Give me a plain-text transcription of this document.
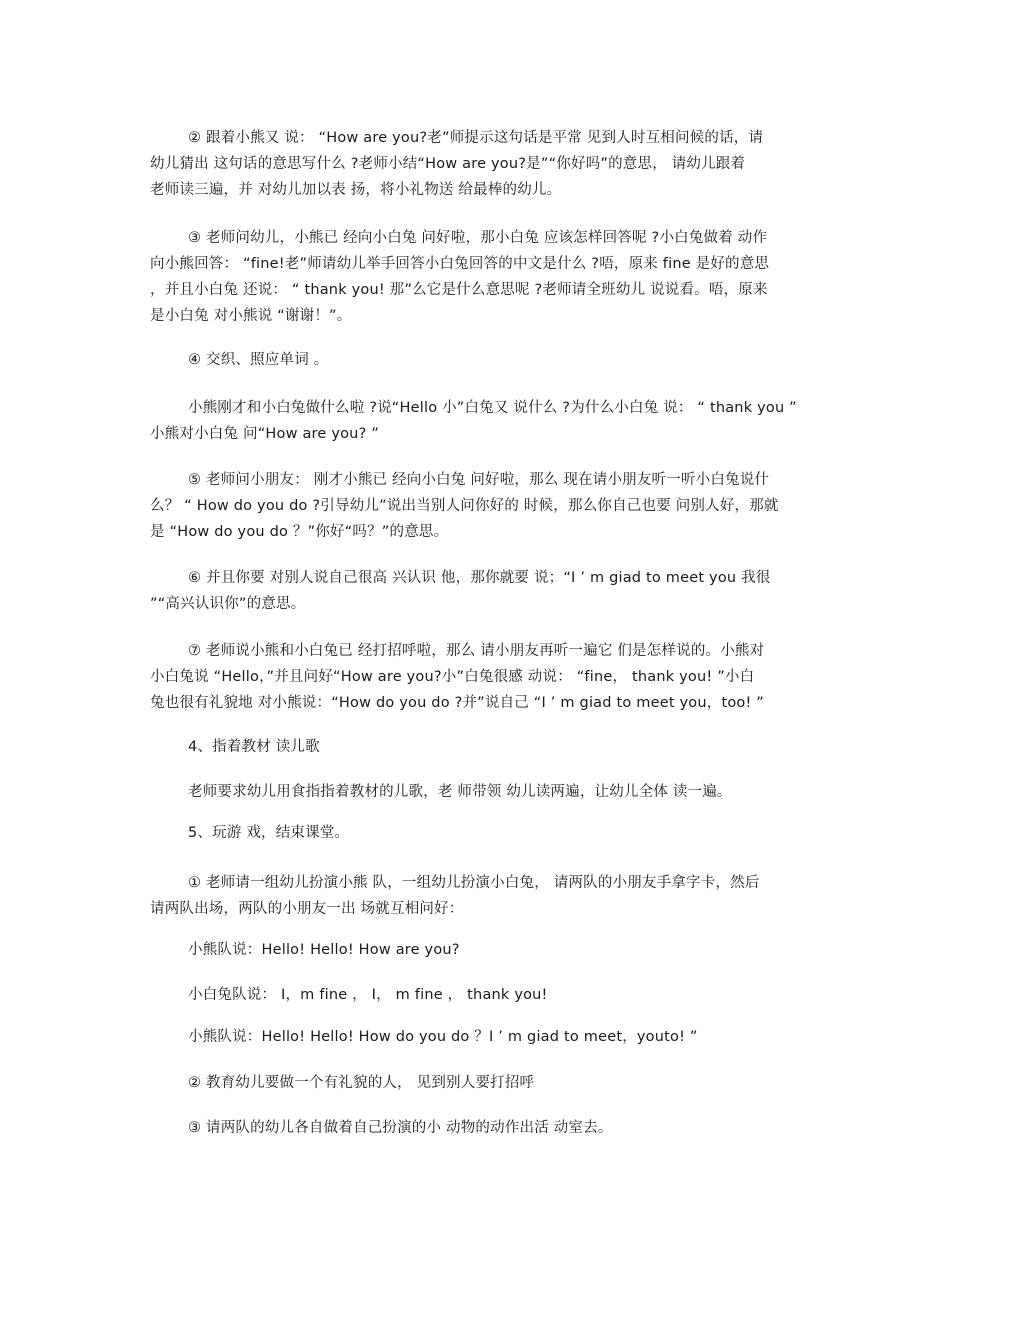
② 跟着小熊又 说： “How are you?老”师提示这句话是平常 见到人时互相问候的话，请
幼儿猜出 这句话的意思写什么 ?老师小结“How are you?是”“你好吗”的意思， 请幼儿跟着
老师读三遍，并 对幼儿加以表 扬，将小礼物送 给最棒的幼儿。

③ 老师问幼儿，小熊已 经向小白兔 问好啦，那小白兔 应该怎样回答呢 ?小白兔做着 动作
向小熊回答： “fine!老”师请幼儿举手回答小白兔回答的中文是什么 ?唔，原来 fine 是好的意思
，并且小白兔 还说： “ thank you! 那”么它是什么意思呢 ?老师请全班幼儿 说说看。唔，原来
是小白兔 对小熊说 “谢谢！”。

④ 交织、照应单词 。

小熊刚才和小白兔做什么啦 ?说“Hello 小”白兔又 说什么 ?为什么小白兔 说： “ thank you ”
小熊对小白兔 问“How are you? ”

⑤ 老师问小朋友： 刚才小熊已 经向小白兔 问好啦，那么 现在请小朋友听一听小白兔说什
么？ “ How do you do ?引导幼儿”说出当别人问你好的 时候，那么你自己也要 问别人好，那就
是 “How do you do ？”你好“吗？”的意思。

⑥ 并且你要 对别人说自己很高 兴认识 他，那你就要 说；“I ’ m giad to meet you 我很
”“高兴认识你”的意思。

⑦ 老师说小熊和小白兔已 经打招呼啦，那么 请小朋友再听一遍它 们是怎样说的。小熊对
小白兔说 “Hello，”并且问好“How are you?小”白兔很感 动说： “fine， thank you! ”小白
兔也很有礼貌地 对小熊说：“How do you do ?并”说自己 “I ’ m giad to meet you，too! ”

4、指着教材 读儿歌

老师要求幼儿用食指指着教材的儿歌，老 师带领 幼儿读两遍，让幼儿全体 读一遍。

5、玩游 戏，结束课堂。

① 老师请一组幼儿扮演小熊 队，一组幼儿扮演小白兔， 请两队的小朋友手拿字卡，然后
请两队出场，两队的小朋友一出 场就互相问好：

小熊队说：Hello! Hello! How are you?

小白兔队说： I，m fine ， I， m fine ， thank you!

小熊队说：Hello! Hello! How do you do ？I ’ m giad to meet，youto! ”

② 教育幼儿要做一个有礼貌的人， 见到别人要打招呼

③ 请两队的幼儿各自做着自己扮演的小 动物的动作出活 动室去。
